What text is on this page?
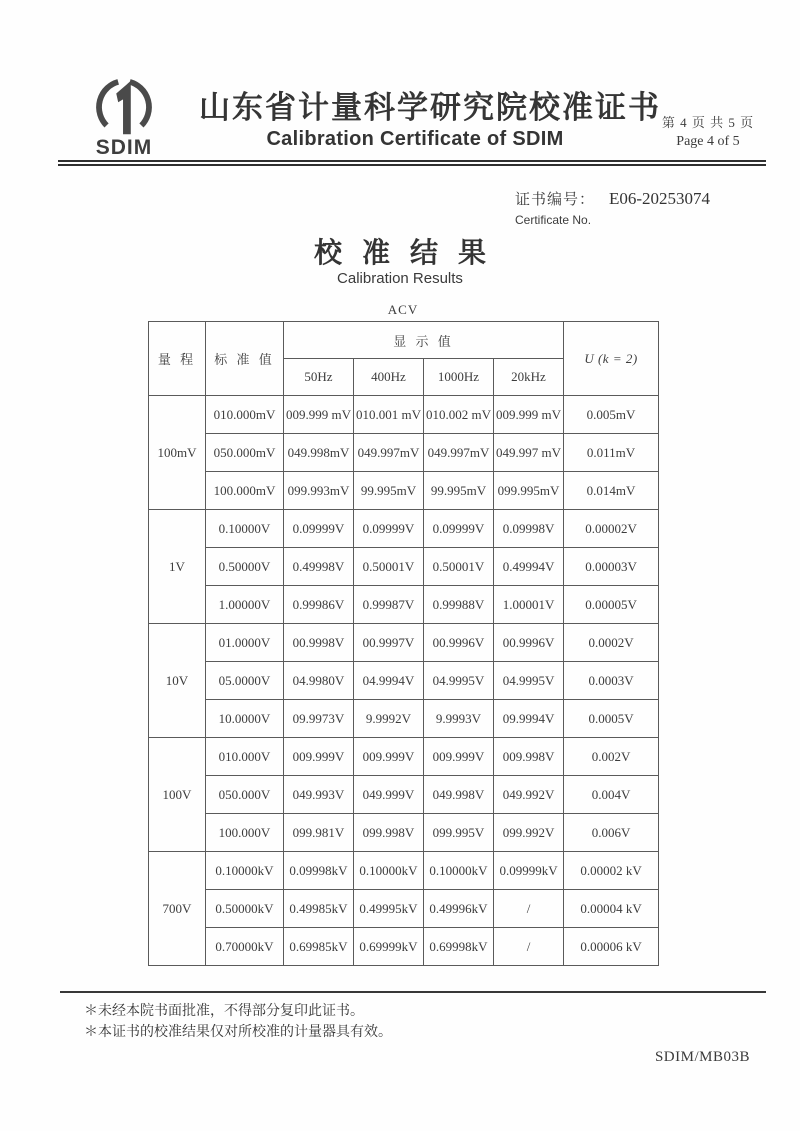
SDIM
山东省计量科学研究院校准证书
Calibration Certificate of SDIM
第 4 页 共 5 页
Page 4 of 5
证书编号： E06-20253074
Certificate No.
校准结果
Calibration Results
ACV
量 程	标 准 值	显 示 值				U (k = 2)
		50Hz	400Hz	1000Hz	20kHz	
100mV	010.000mV	009.999 mV	010.001 mV	010.002 mV	009.999 mV	0.005mV
	050.000mV	049.998mV	049.997mV	049.997mV	049.997 mV	0.011mV
	100.000mV	099.993mV	99.995mV	99.995mV	099.995mV	0.014mV
1V	0.10000V	0.09999V	0.09999V	0.09999V	0.09998V	0.00002V
	0.50000V	0.49998V	0.50001V	0.50001V	0.49994V	0.00003V
	1.00000V	0.99986V	0.99987V	0.99988V	1.00001V	0.00005V
10V	01.0000V	00.9998V	00.9997V	00.9996V	00.9996V	0.0002V
	05.0000V	04.9980V	04.9994V	04.9995V	04.9995V	0.0003V
	10.0000V	09.9973V	9.9992V	9.9993V	09.9994V	0.0005V
100V	010.000V	009.999V	009.999V	009.999V	009.998V	0.002V
	050.000V	049.993V	049.999V	049.998V	049.992V	0.004V
	100.000V	099.981V	099.998V	099.995V	099.992V	0.006V
700V	0.10000kV	0.09998kV	0.10000kV	0.10000kV	0.09999kV	0.00002 kV
	0.50000kV	0.49985kV	0.49995kV	0.49996kV	/	0.00004 kV
	0.70000kV	0.69985kV	0.69999kV	0.69998kV	/	0.00006 kV
＊未经本院书面批准，不得部分复印此证书。
＊本证书的校准结果仅对所校准的计量器具有效。
SDIM/MB03B
